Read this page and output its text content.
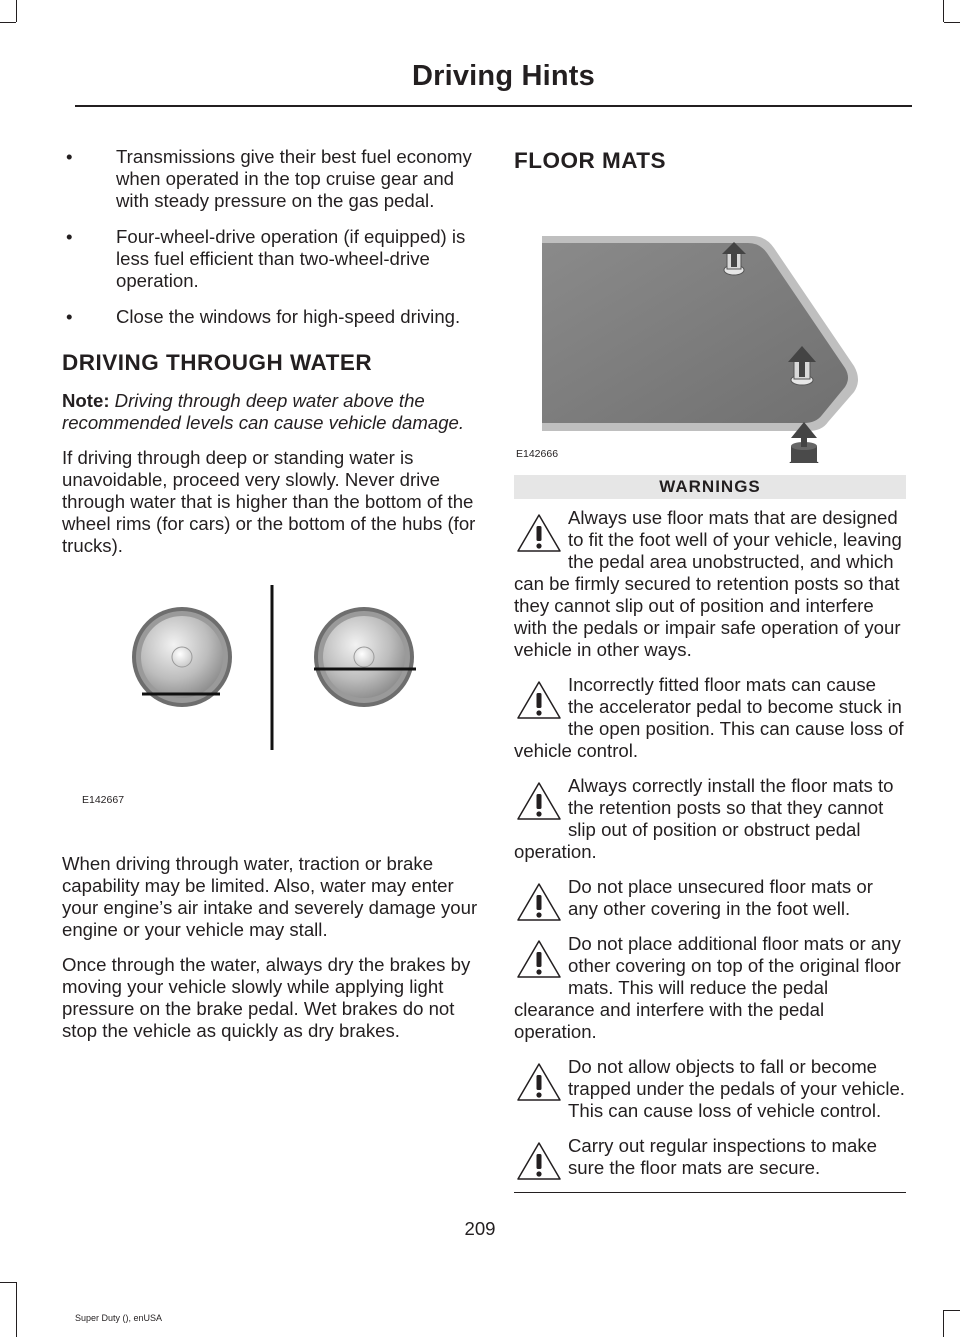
Driving Hints
• Transmissions give their best fuel economy when operated in the top cruise gear and with steady pressure on the gas pedal.
• Four-wheel-drive operation (if equipped) is less fuel efficient than two-wheel-drive operation.
• Close the windows for high-speed driving.
DRIVING THROUGH WATER

Note: Driving through deep water above the recommended levels can cause vehicle damage.

If driving through deep or standing water is unavoidable, proceed very slowly. Never drive through water that is higher than the bottom of the wheel rims (for cars) or the bottom of the hubs (for trucks).

E142667

When driving through water, traction or brake capability may be limited. Also, water may enter your engine’s air intake and severely damage your engine or your vehicle may stall.

Once through the water, always dry the brakes by moving your vehicle slowly while applying light pressure on the brake pedal. Wet brakes do not stop the vehicle as quickly as dry brakes.

FLOOR MATS
E142666
WARNINGS
Always use floor mats that are designed to fit the foot well of your vehicle, leaving the pedal area unobstructed, and which can be firmly secured to retention posts so that they cannot slip out of position and interfere with the pedals or impair safe operation of your vehicle in other ways.
Incorrectly fitted floor mats can cause the accelerator pedal to become stuck in the open position. This can cause loss of vehicle control.
Always correctly install the floor mats to the retention posts so that they cannot slip out of position or obstruct pedal operation.
Do not place unsecured floor mats or any other covering in the foot well.
Do not place additional floor mats or any other covering on top of the original floor mats. This will reduce the pedal clearance and interfere with the pedal operation.
Do not allow objects to fall or become trapped under the pedals of your vehicle. This can cause loss of vehicle control.
Carry out regular inspections to make sure the floor mats are secure.
209
Super Duty (), enUSA
